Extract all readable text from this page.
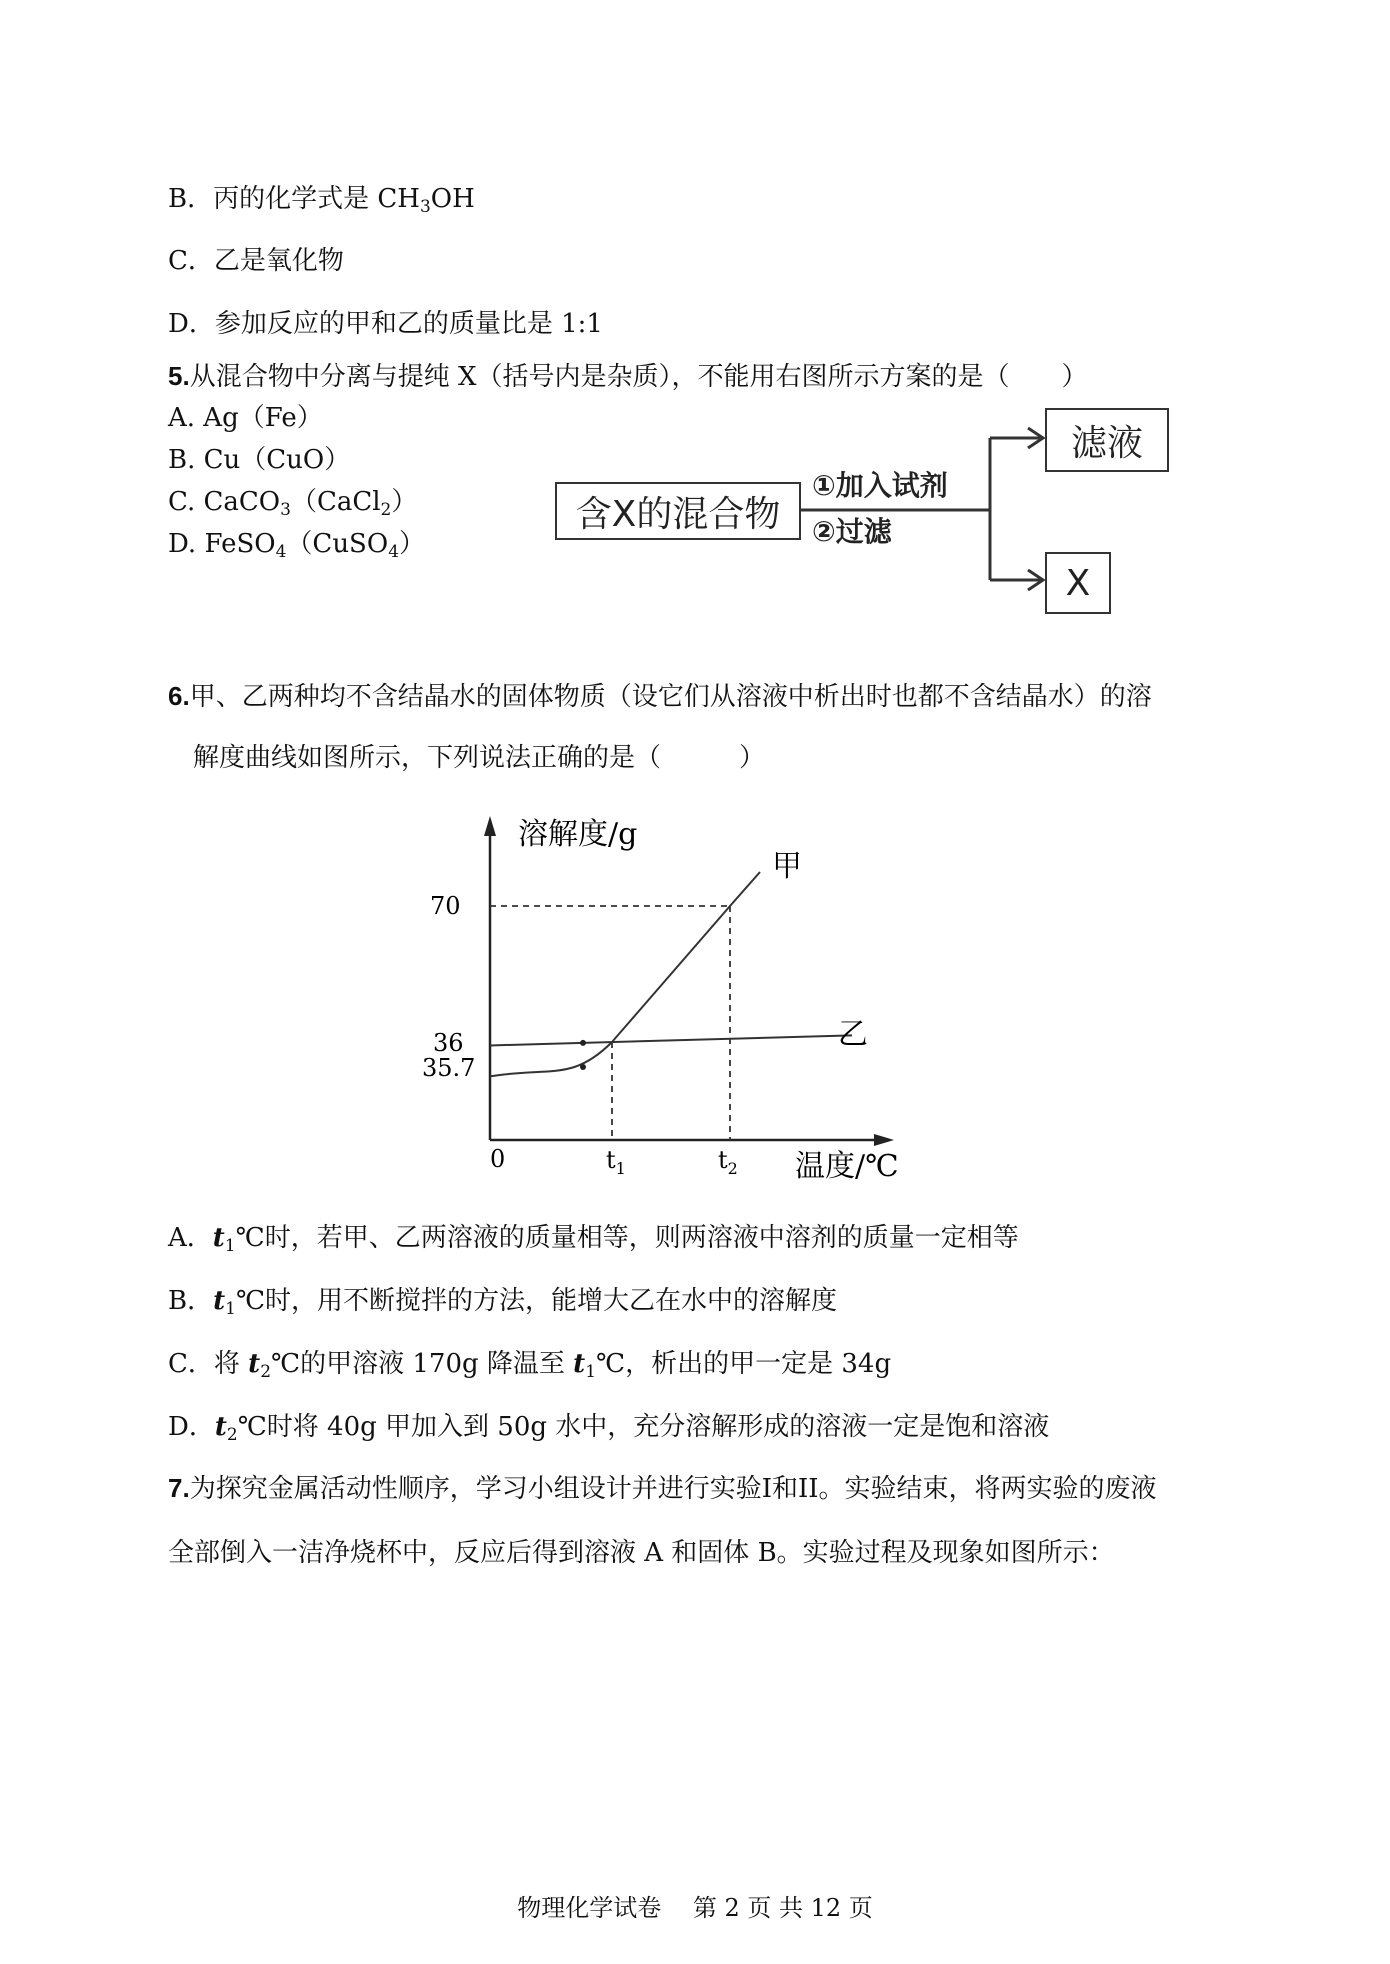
B．丙的化学式是 $CH_3OH$
C．乙是氧化物
D．参加反应的甲和乙的质量比是 1:1
5.从混合物中分离与提纯 X（括号内是杂质），不能用右图所示方案的是（　　）
A. Ag（Fe）
B. Cu（CuO）
C. CaCO$_3$（CaCl$_2$）
D. FeSO$_4$（CuSO$_4$）
含X的混合物
①加入试剂
②过滤
滤液
X
6.甲、乙两种均不含结晶水的固体物质（设它们从溶液中析出时也都不含结晶水）的溶
解度曲线如图所示，下列说法正确的是（　　　）
溶解度/g
温度/℃
0
70
36
35.7
$t_1$	$t_2$
甲
乙
A．$t_1℃$时，若甲、乙两溶液的质量相等，则两溶液中溶剂的质量一定相等
B．$t_1℃$时，用不断搅拌的方法，能增大乙在水中的溶解度
C．将 $t_2℃$的甲溶液 170g 降温至 $t_1℃$，析出的甲一定是 34g
D．$t_2℃$时将 40g 甲加入到 50g 水中，充分溶解形成的溶液一定是饱和溶液
7.为探究金属活动性顺序，学习小组设计并进行实验I和II。实验结束，将两实验的废液
全部倒入一洁净烧杯中，反应后得到溶液 A 和固体 B。实验过程及现象如图所示：
物理化学试卷　 第 2 页 共 12 页
